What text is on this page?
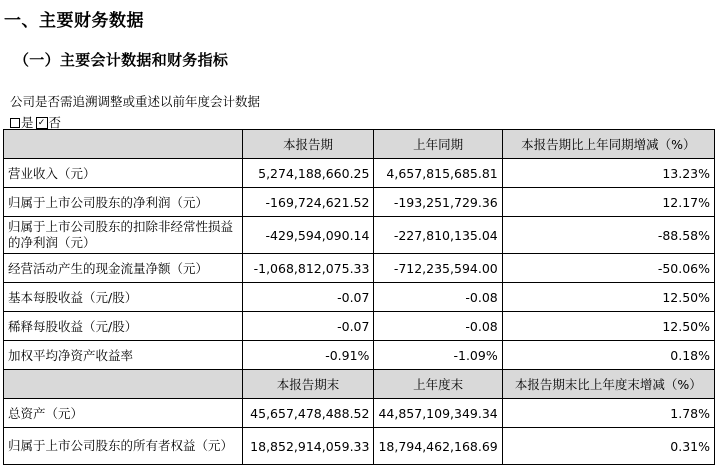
一、主要财务数据
（一）主要会计数据和财务指标
公司是否需追溯调整或重述以前年度会计数据
是 ✓ 否
	本报告期	上年同期	本报告期比上年同期增减（%）
营业收入（元）	5,274,188,660.25	4,657,815,685.81	13.23%
归属于上市公司股东的净利润（元）	-169,724,621.52	-193,251,729.36	12.17%
归属于上市公司股东的扣除非经常性损益的净利润（元）	-429,594,090.14	-227,810,135.04	-88.58%
经营活动产生的现金流量净额（元）	-1,068,812,075.33	-712,235,594.00	-50.06%
基本每股收益（元/股）	-0.07	-0.08	12.50%
稀释每股收益（元/股）	-0.07	-0.08	12.50%
加权平均净资产收益率	-0.91%	-1.09%	0.18%
	本报告期末	上年度末	本报告期末比上年度末增减（%）
总资产（元）	45,657,478,488.52	44,857,109,349.34	1.78%
归属于上市公司股东的所有者权益（元）	18,852,914,059.33	18,794,462,168.69	0.31%
